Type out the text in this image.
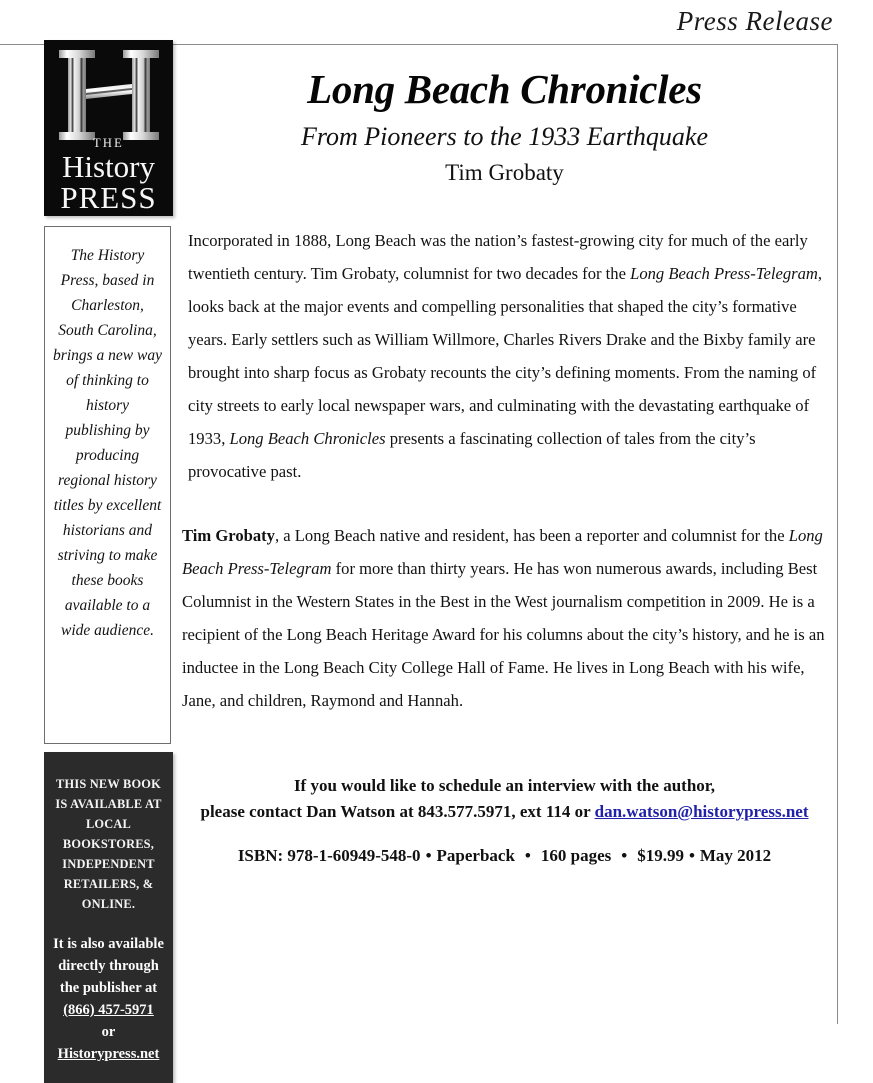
Press Release
THE
History
PRESS
The History Press, based in Charleston, South Carolina, brings a new way of thinking to history publishing by producing regional history titles by excellent historians and striving to make these books available to a wide audience.
THIS NEW BOOK IS AVAILABLE AT LOCAL BOOKSTORES, INDEPENDENT RETAILERS, & ONLINE.
It is also available directly through the publisher at
(866) 457-5971
or
Historypress.net
Long Beach Chronicles
From Pioneers to the 1933 Earthquake
Tim Grobaty

Incorporated in 1888, Long Beach was the nation’s fastest-growing city for much of the early twentieth century. Tim Grobaty, columnist for two decades for the Long Beach Press-Telegram, looks back at the major events and compelling personalities that shaped the city’s formative years. Early settlers such as William Willmore, Charles Rivers Drake and the Bixby family are brought into sharp focus as Grobaty recounts the city’s defining moments. From the naming of city streets to early local newspaper wars, and culminating with the devastating earthquake of 1933, Long Beach Chronicles presents a fascinating collection of tales from the city’s provocative past.

Tim Grobaty, a Long Beach native and resident, has been a reporter and columnist for the Long Beach Press-Telegram for more than thirty years. He has won numerous awards, including Best Columnist in the Western States in the Best in the West journalism competition in 2009. He is a recipient of the Long Beach Heritage Award for his columns about the city’s history, and he is an inductee in the Long Beach City College Hall of Fame. He lives in Long Beach with his wife, Jane, and children, Raymond and Hannah.

If you would like to schedule an interview with the author,
please contact Dan Watson at 843.577.5971, ext 114 or dan.watson@historypress.net
ISBN: 978-1-60949-548-0 • Paperback • 160 pages • $19.99 • May 2012
